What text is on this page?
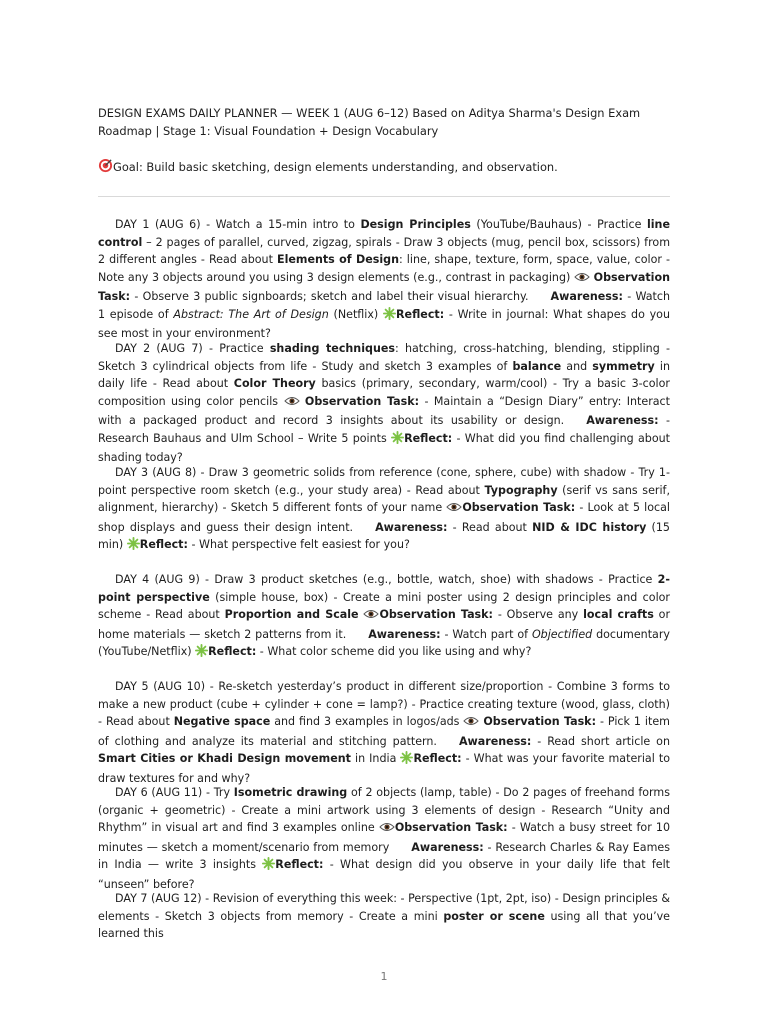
DESIGN EXAMS DAILY PLANNER — WEEK 1 (AUG 6–12) Based on Aditya Sharma's Design Exam Roadmap | Stage 1: Visual Foundation + Design Vocabulary
Goal: Build basic sketching, design elements understanding, and observation.
DAY 1 (AUG 6) - Watch a 15-min intro to Design Principles (YouTube/Bauhaus) - Practice line control – 2 pages of parallel, curved, zigzag, spirals - Draw 3 objects (mug, pencil box, scissors) from 2 different angles - Read about Elements of Design: line, shape, texture, form, space, value, color - Note any 3 objects around you using 3 design elements (e.g., contrast in packaging)  Observation Task: - Observe 3 public signboards; sketch and label their visual hierarchy. Awareness: - Watch 1 episode of Abstract: The Art of Design (Netflix) Reflect: - Write in journal: What shapes do you see most in your environment?
DAY 2 (AUG 7) - Practice shading techniques: hatching, cross-hatching, blending, stippling - Sketch 3 cylindrical objects from life - Study and sketch 3 examples of balance and symmetry in daily life - Read about Color Theory basics (primary, secondary, warm/cool) - Try a basic 3-color composition using color pencils  Observation Task: - Maintain a “Design Diary” entry: Interact with a packaged product and record 3 insights about its usability or design. Awareness: - Research Bauhaus and Ulm School – Write 5 points Reflect: - What did you find challenging about shading today?
DAY 3 (AUG 8) - Draw 3 geometric solids from reference (cone, sphere, cube) with shadow - Try 1-point perspective room sketch (e.g., your study area) - Read about Typography (serif vs sans serif, alignment, hierarchy) - Sketch 5 different fonts of your name Observation Task: - Look at 5 local shop displays and guess their design intent. Awareness: - Read about NID & IDC history (15 min) Reflect: - What perspective felt easiest for you?
DAY 4 (AUG 9) - Draw 3 product sketches (e.g., bottle, watch, shoe) with shadows - Practice 2-point perspective (simple house, box) - Create a mini poster using 2 design principles and color scheme - Read about Proportion and Scale Observation Task: - Observe any local crafts or home materials — sketch 2 patterns from it. Awareness: - Watch part of Objectified documentary (YouTube/Netflix) Reflect: - What color scheme did you like using and why?
DAY 5 (AUG 10) - Re-sketch yesterday’s product in different size/proportion - Combine 3 forms to make a new product (cube + cylinder + cone = lamp?) - Practice creating texture (wood, glass, cloth) - Read about Negative space and find 3 examples in logos/ads  Observation Task: - Pick 1 item of clothing and analyze its material and stitching pattern. Awareness: - Read short article on Smart Cities or Khadi Design movement in India Reflect: - What was your favorite material to draw textures for and why?
DAY 6 (AUG 11) - Try Isometric drawing of 2 objects (lamp, table) - Do 2 pages of freehand forms (organic + geometric) - Create a mini artwork using 3 elements of design - Research “Unity and Rhythm” in visual art and find 3 examples online Observation Task: - Watch a busy street for 10 minutes — sketch a moment/scenario from memory Awareness: - Research Charles & Ray Eames in India — write 3 insights Reflect: - What design did you observe in your daily life that felt “unseen” before?
DAY 7 (AUG 12) - Revision of everything this week: - Perspective (1pt, 2pt, iso) - Design principles & elements - Sketch 3 objects from memory - Create a mini poster or scene using all that you’ve learned this
1
